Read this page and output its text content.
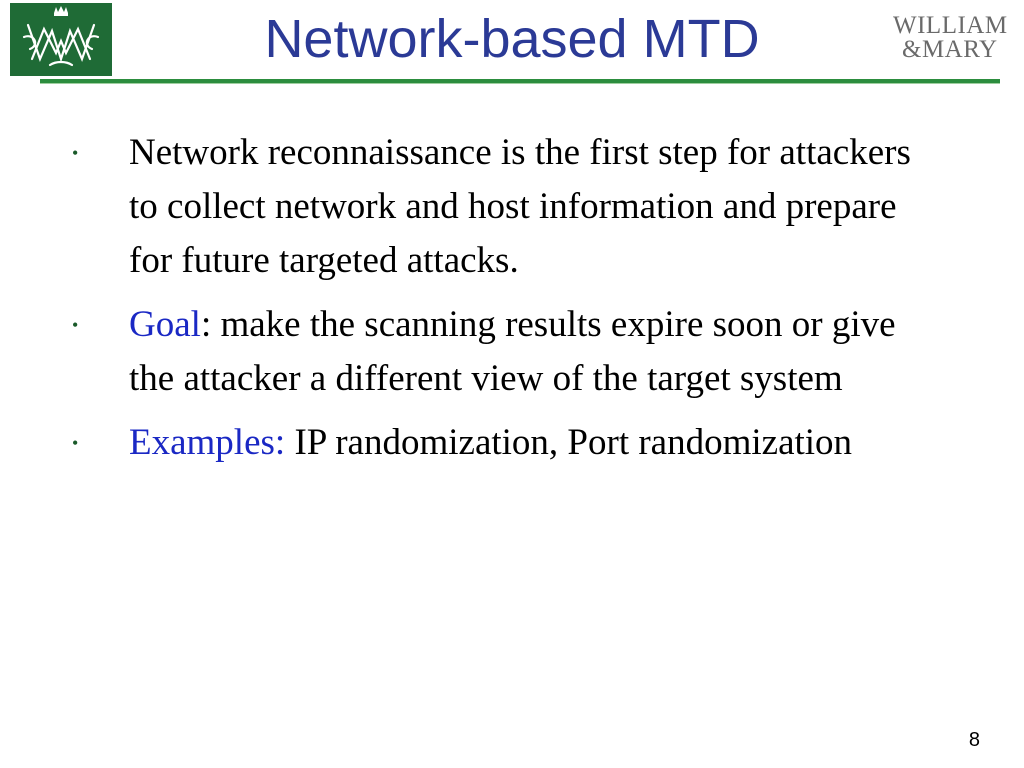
Network-based MTD	WILLIAM
&MARY
• Network reconnaissance is the first step for attackers to collect network and host information and prepare for future targeted attacks.
• Goal: make the scanning results expire soon or give the attacker a different view of the target system
• Examples: IP randomization, Port randomization
8
